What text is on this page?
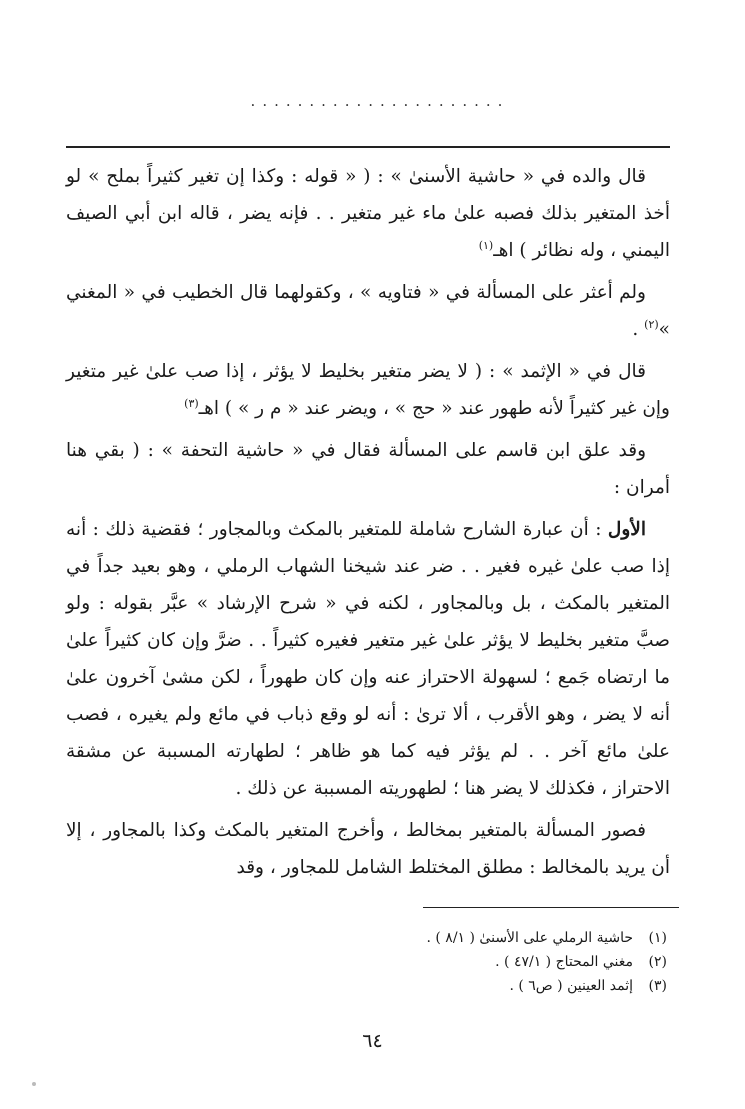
......................

قال والده في « حاشية الأسنىٰ » : ( « قوله : وكذا إن تغير كثيراً بملح » لو أخذ المتغير بذلك فصبه علىٰ ماء غير متغير . . فإنه يضر ، قاله ابن أبي الصيف اليمني ، وله نظائر ) اهـ$^{(١)}$

ولم أعثر على المسألة في « فتاويه » ، وكقولهما قال الخطيب في « المغني »$^{(٢)}$ .

قال في « الإثمد » : ( لا يضر متغير بخليط لا يؤثر ، إذا صب علىٰ غير متغير وإن غير كثيراً لأنه طهور عند « حج » ، ويضر عند « م ر » ) اهـ$^{(٣)}$

وقد علق ابن قاسم على المسألة فقال في « حاشية التحفة » : ( بقي هنا أمران :

الأول : أن عبارة الشارح شاملة للمتغير بالمكث وبالمجاور ؛ فقضية ذلك : أنه إذا صب علىٰ غيره فغير . . ضر عند شيخنا الشهاب الرملي ، وهو بعيد جداً في المتغير بالمكث ، بل وبالمجاور ، لكنه في « شرح الإرشاد » عبَّر بقوله : ولو صبَّ متغير بخليط لا يؤثر علىٰ غير متغير فغيره كثيراً . . ضرَّ وإن كان كثيراً علىٰ ما ارتضاه جَمع ؛ لسهولة الاحتراز عنه وإن كان طهوراً ، لكن مشىٰ آخرون علىٰ أنه لا يضر ، وهو الأقرب ، ألا ترىٰ : أنه لو وقع ذباب في مائع ولم يغيره ، فصب علىٰ مائع آخر . . لم يؤثر فيه كما هو ظاهر ؛ لطهارته المسببة عن مشقة الاحتراز ، فكذلك لا يضر هنا ؛ لطهوريته المسببة عن ذلك .

فصور المسألة بالمتغير بمخالط ، وأخرج المتغير بالمكث وكذا بالمجاور ، إلا أن يريد بالمخالط : مطلق المختلط الشامل للمجاور ، وقد

(١)حاشية الرملي على الأسنىٰ ( ٨/١ ) .
(٢)مغني المحتاج ( ٤٧/١ ) .
(٣)إثمد العينين ( ص٦ ) .
٦٤
